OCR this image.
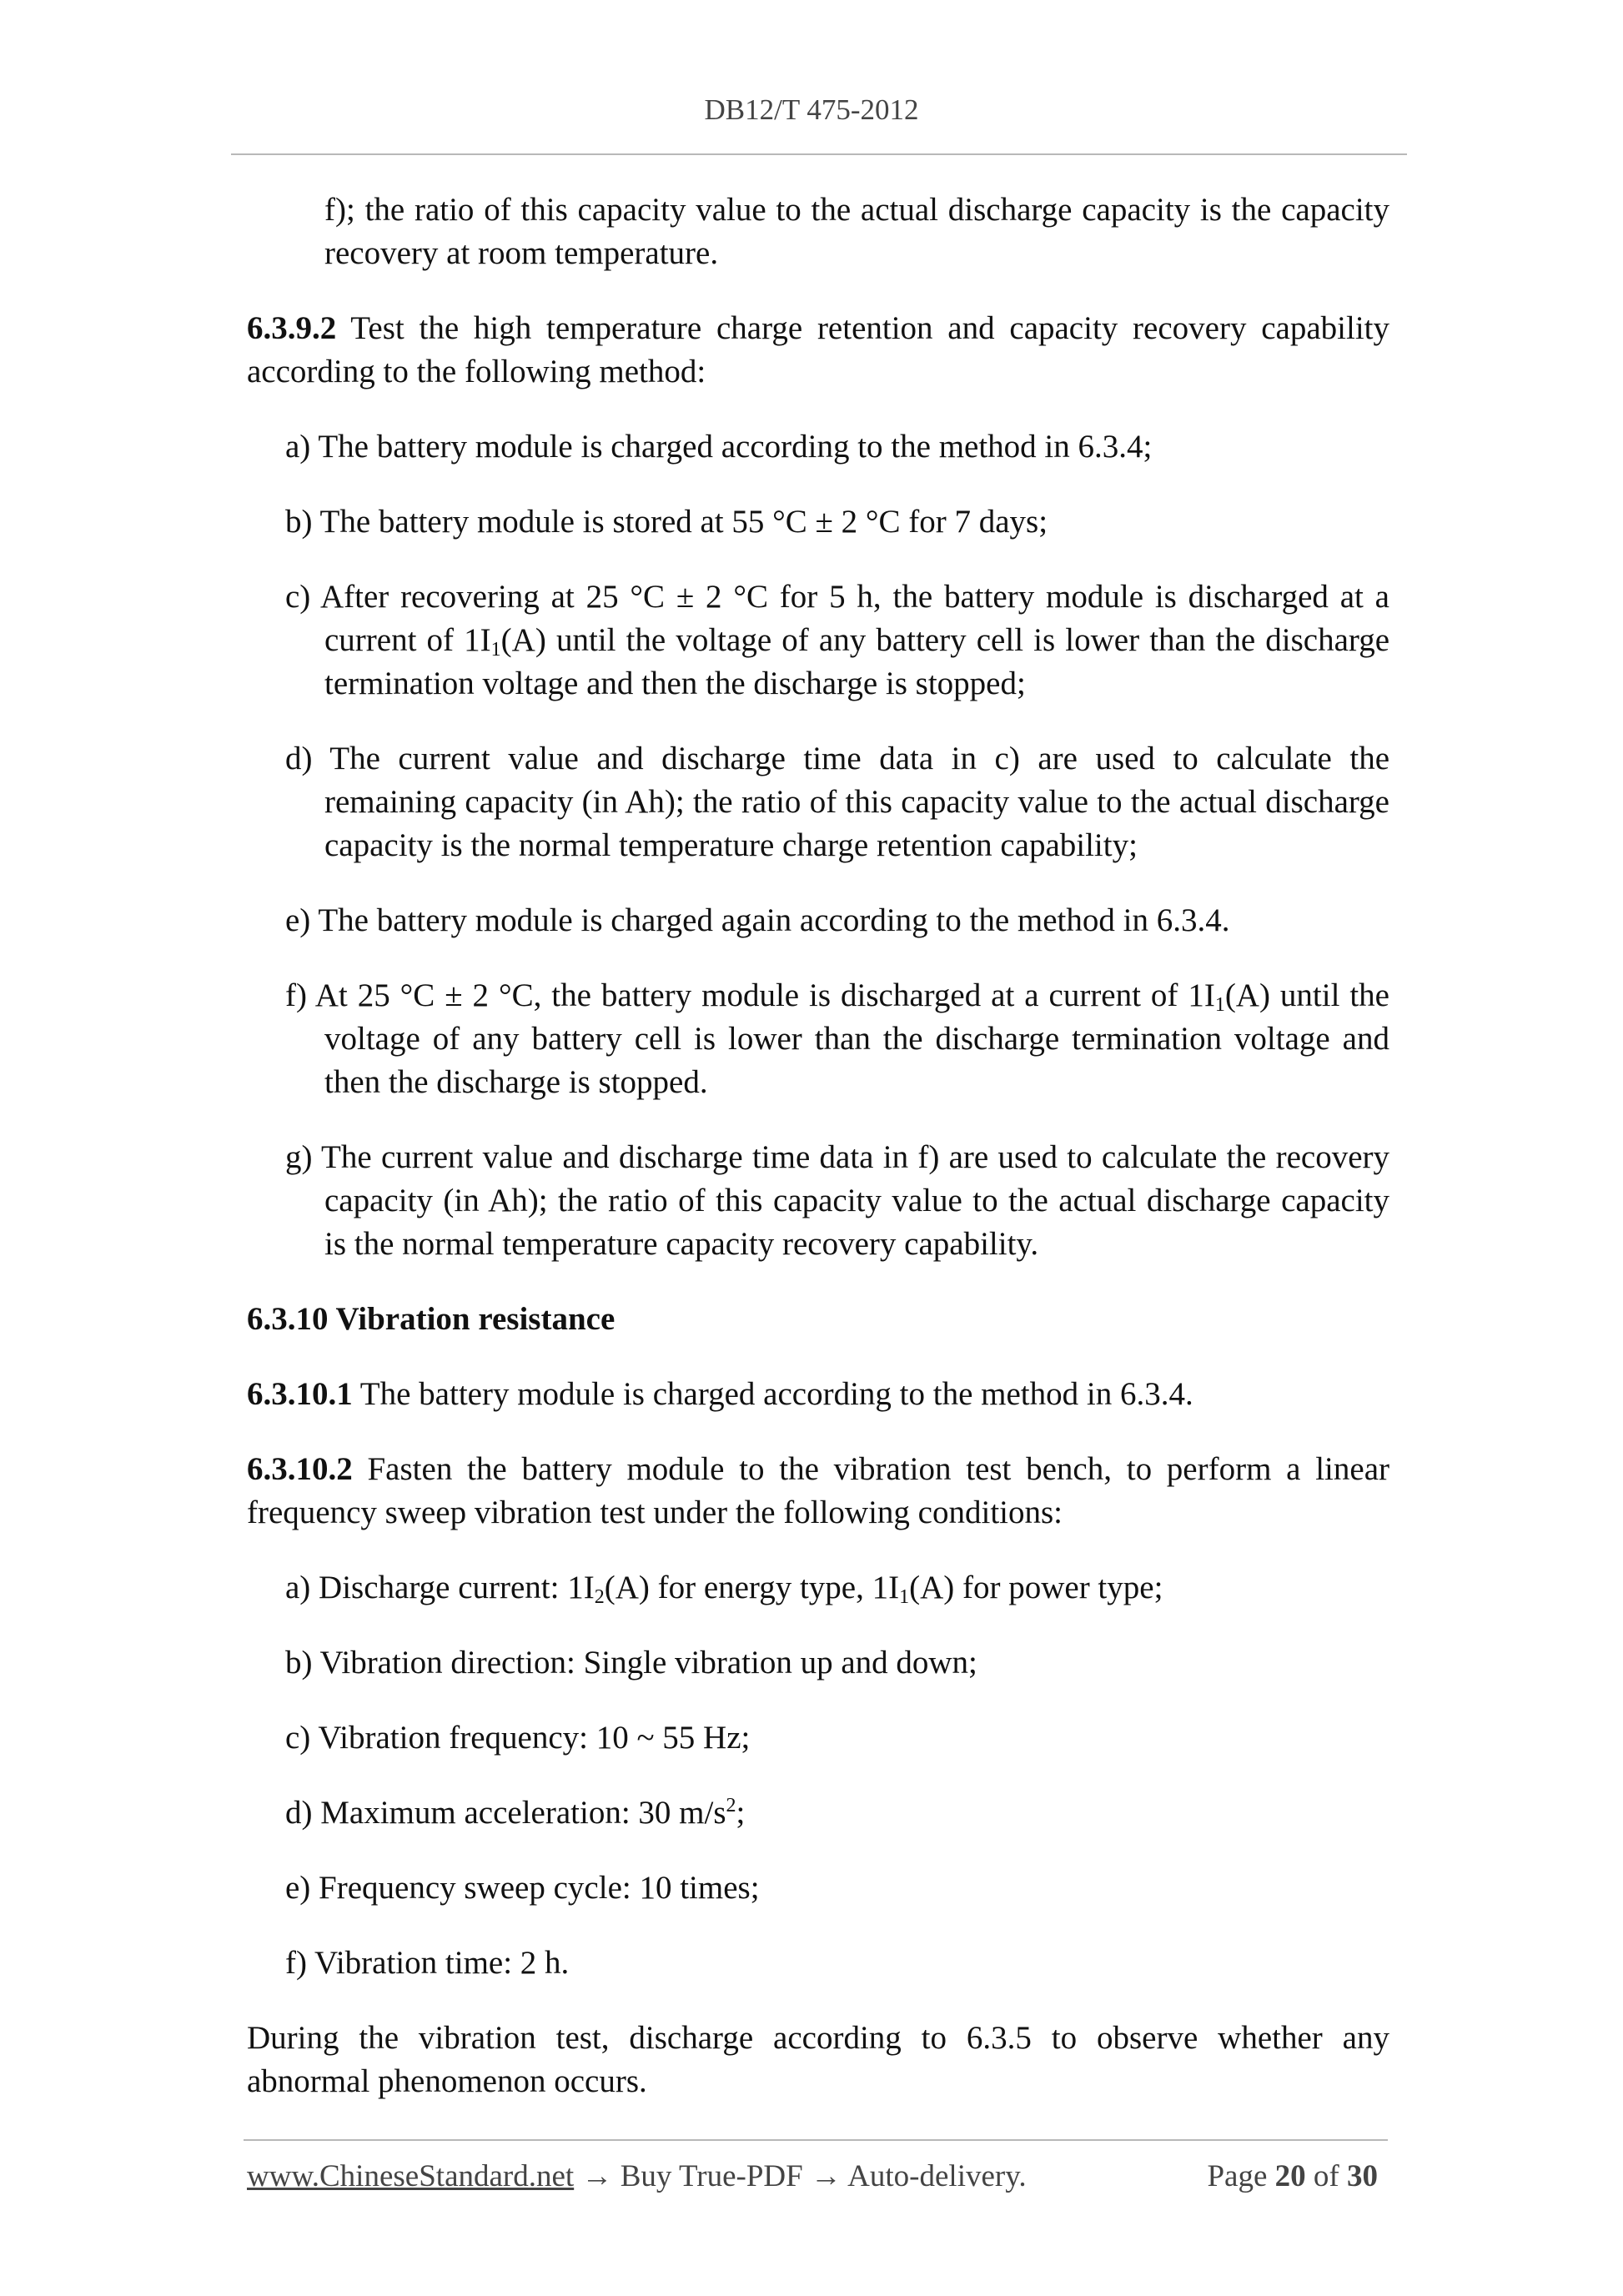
DB12/T 475-2012

f); the ratio of this capacity value to the actual discharge capacity is the capacity recovery at room temperature.

6.3.9.2 Test the high temperature charge retention and capacity recovery capability according to the following method:

a) The battery module is charged according to the method in 6.3.4;

b) The battery module is stored at 55 °C ± 2 °C for 7 days;

c) After recovering at 25 °C ± 2 °C for 5 h, the battery module is discharged at a current of $1I_1(A)$ until the voltage of any battery cell is lower than the discharge termination voltage and then the discharge is stopped;

d) The current value and discharge time data in c) are used to calculate the remaining capacity (in Ah); the ratio of this capacity value to the actual discharge capacity is the normal temperature charge retention capability;

e) The battery module is charged again according to the method in 6.3.4.

f) At 25 °C ± 2 °C, the battery module is discharged at a current of $1I_1(A)$ until the voltage of any battery cell is lower than the discharge termination voltage and then the discharge is stopped.

g) The current value and discharge time data in f) are used to calculate the recovery capacity (in Ah); the ratio of this capacity value to the actual discharge capacity is the normal temperature capacity recovery capability.

6.3.10 Vibration resistance

6.3.10.1 The battery module is charged according to the method in 6.3.4.

6.3.10.2 Fasten the battery module to the vibration test bench, to perform a linear frequency sweep vibration test under the following conditions:

a) Discharge current: $1I_2(A)$ for energy type, $1I_1(A)$ for power type;

b) Vibration direction: Single vibration up and down;

c) Vibration frequency: 10 ~ 55 Hz;

d) Maximum acceleration: 30 $m/s^2$;

e) Frequency sweep cycle: 10 times;

f) Vibration time: 2 h.

During the vibration test, discharge according to 6.3.5 to observe whether any abnormal phenomenon occurs.

www.ChineseStandard.net → Buy True-PDF → Auto-delivery.	Page 20 of 30
